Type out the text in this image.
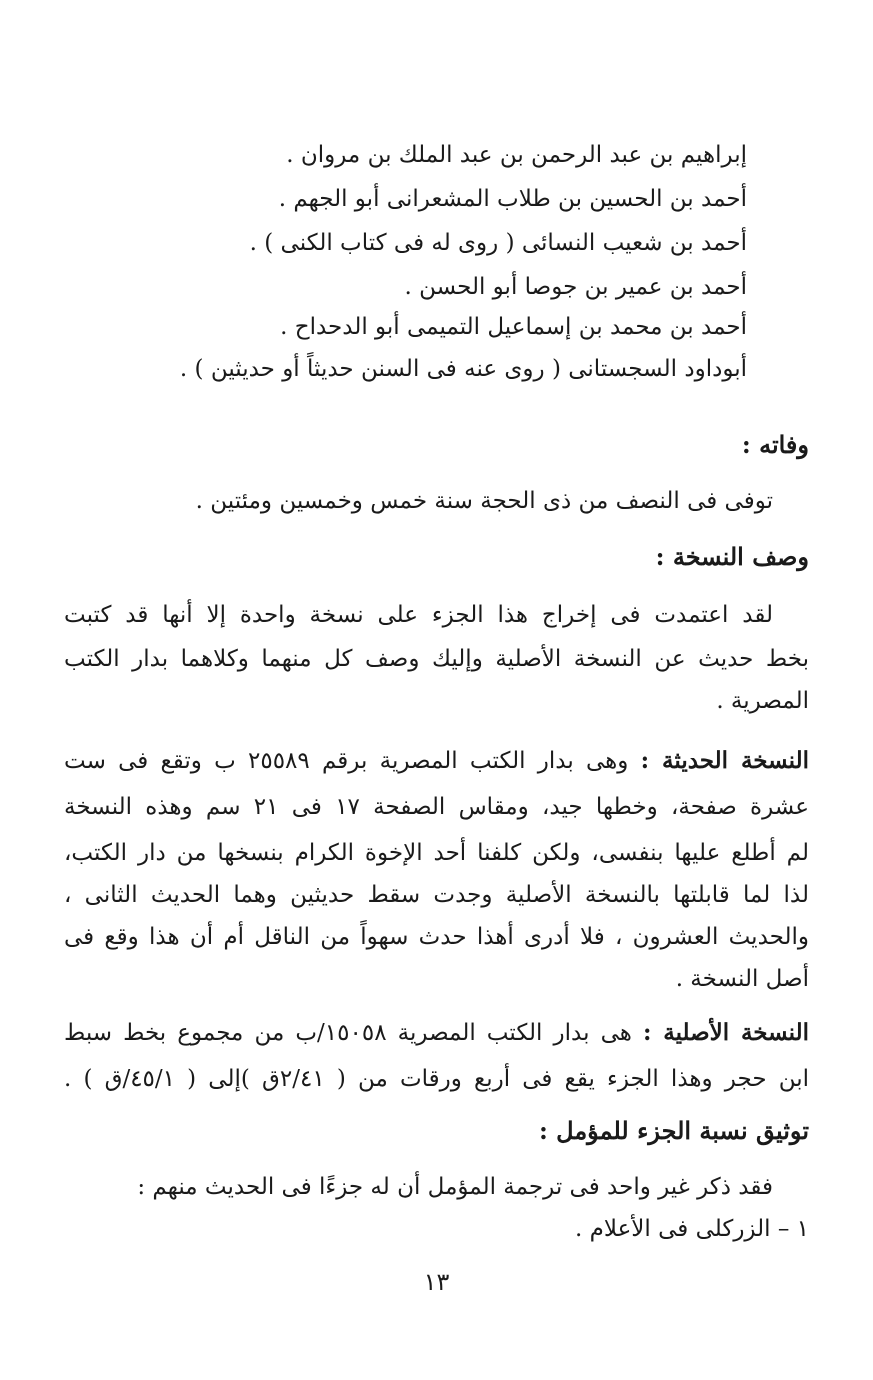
إبراهيم بن عبد الرحمن بن عبد الملك بن مروان .
أحمد بن الحسين بن طلاب المشعرانى أبو الجهم .
أحمد بن شعيب النسائى ( روى له فى كتاب الكنى ) .
أحمد بن عمير بن جوصا أبو الحسن .
أحمد بن محمد بن إسماعيل التميمى أبو الدحداح .
أبوداود السجستانى ( روى عنه فى السنن حديثاً أو حديثين ) .
وفاته :
توفى فى النصف من ذى الحجة سنة خمس وخمسين ومئتين .
وصف النسخة :
لقد اعتمدت فى إخراج هذا الجزء على نسخة واحدة إلا أنها قد كتبت
بخط حديث عن النسخة الأصلية وإليك وصف كل منهما وكلاهما بدار الكتب
المصرية .
النسخة الحديثة : وهى بدار الكتب المصرية برقم ٢٥٥٨٩ ب وتقع فى ست
عشرة صفحة، وخطها جيد، ومقاس الصفحة ١٧ فى ٢١ سم وهذه النسخة
لم أطلع عليها بنفسى، ولكن كلفنا أحد الإخوة الكرام بنسخها من دار الكتب،
لذا لما قابلتها بالنسخة الأصلية وجدت سقط حديثين وهما الحديث الثانى ،
والحديث العشرون ، فلا أدرى أهذا حدث سهواً من الناقل أم أن هذا وقع فى
أصل النسخة .
النسخة الأصلية : هى بدار الكتب المصرية ١٥٠٥٨/ب من مجموع بخط سبط
ابن حجر وهذا الجزء يقع فى أربع ورقات من ( ٢/٤١ق )إلى ( ٤٥/١/ق ) .
توثيق نسبة الجزء للمؤمل :
فقد ذكر غير واحد فى ترجمة المؤمل أن له جزءًا فى الحديث منهم :
١ – الزركلى فى الأعلام .
١٣
